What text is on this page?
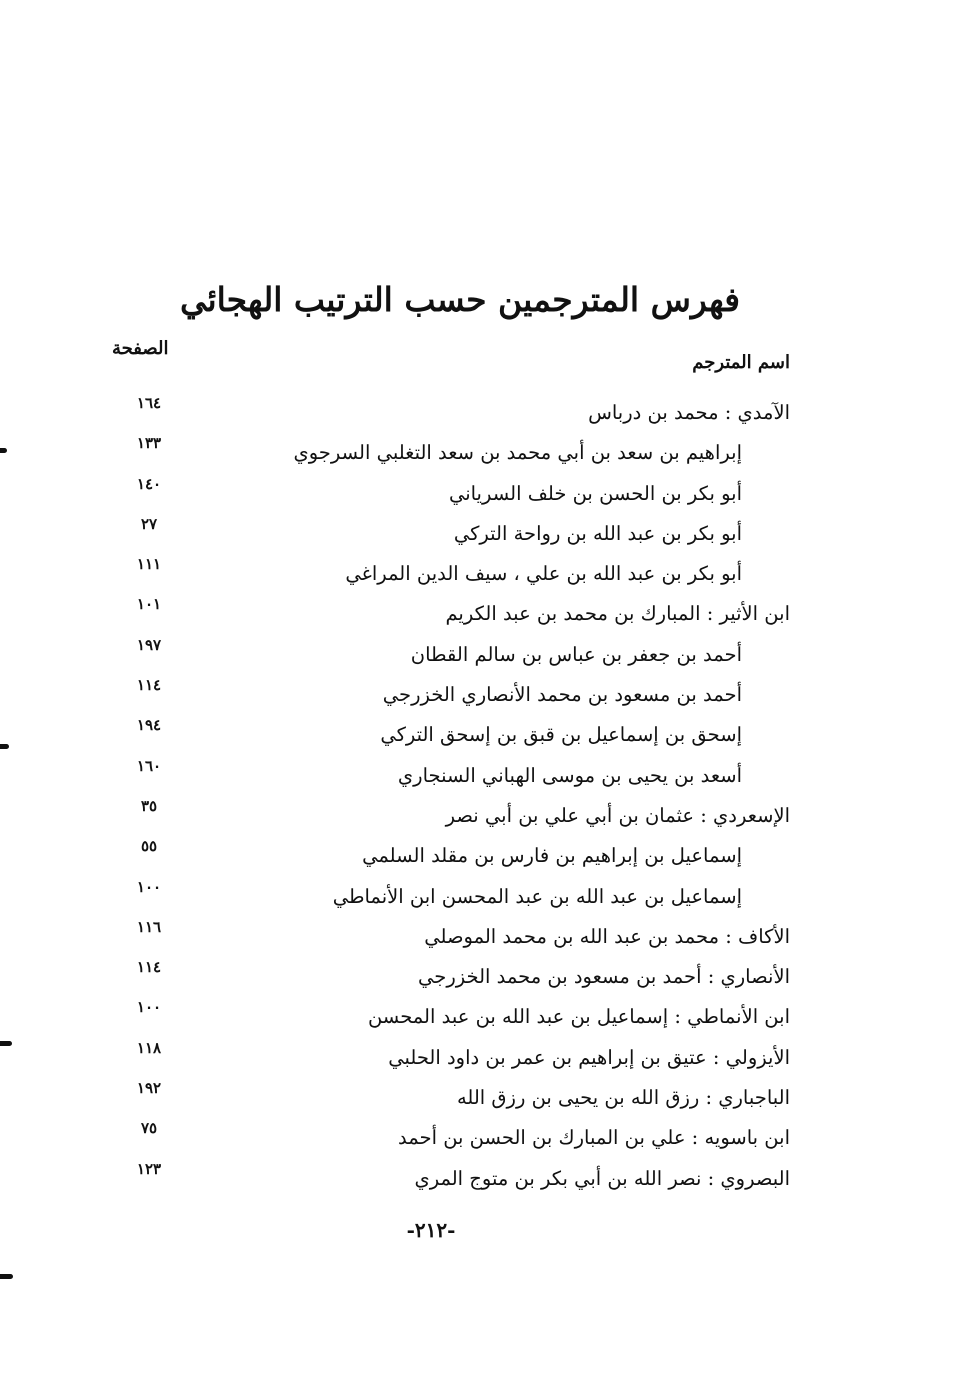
فهرس المترجمين حسب الترتيب الهجائي
اسم المترجم
الصفحة
الآمدي : محمد بن درباس
١٦٤
إبراهيم بن سعد بن أبي محمد بن سعد التغلبي السرجوي
١٣٣
أبو بكر بن الحسن بن خلف السرياني
١٤٠
أبو بكر بن عبد الله بن رواحة التركي
٢٧
أبو بكر بن عبد الله بن علي ، سيف الدين المراغي
١١١
ابن الأثير : المبارك بن محمد بن عبد الكريم
١٠١
أحمد بن جعفر بن عباس بن سالم القطان
١٩٧
أحمد بن مسعود بن محمد الأنصاري الخزرجي
١١٤
إسحق بن إسماعيل بن قبق بن إسحق التركي
١٩٤
أسعد بن يحيى بن موسى الهباني السنجاري
١٦٠
الإسعردي : عثمان بن أبي علي بن أبي نصر
٣٥
إسماعيل بن إبراهيم بن فارس بن مقلد السلمي
٥٥
إسماعيل بن عبد الله بن عبد المحسن ابن الأنماطي
١٠٠
الأكاف : محمد بن عبد الله بن محمد الموصلي
١١٦
الأنصاري : أحمد بن مسعود بن محمد الخزرجي
١١٤
ابن الأنماطي : إسماعيل بن عبد الله بن عبد المحسن
١٠٠
الأيزولي : عتيق بن إبراهيم بن عمر بن داود الحلبي
١١٨
الباجباري : رزق الله بن يحيى بن رزق الله
١٩٢
ابن باسويه : علي بن المبارك بن الحسن بن أحمد
٧٥
البصروي : نصر الله بن أبي بكر بن متوج المري
١٢٣
-٢١٢-
